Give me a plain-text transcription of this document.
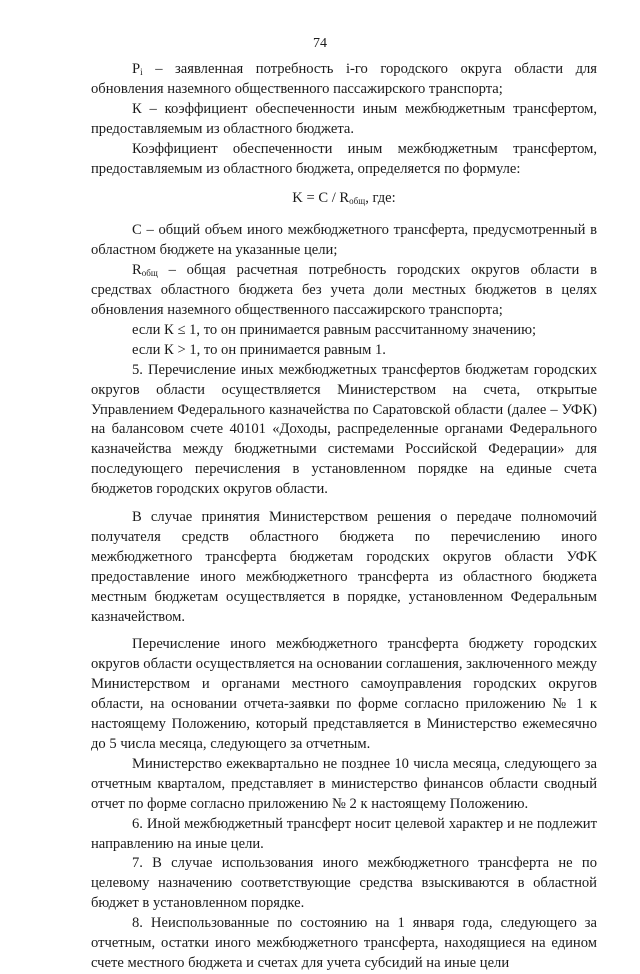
74

$P_i$ – заявленная потребность i-го городского округа области для обновления наземного общественного пассажирского транспорта;

К – коэффициент обеспеченности иным межбюджетным трансфертом, предоставляемым из областного бюджета.

Коэффициент обеспеченности иным межбюджетным трансфертом, предоставляемым из областного бюджета, определяется по формуле:

$K = C / R_{общ}$, где:

С – общий объем иного межбюджетного трансферта, предусмотренный в областном бюджете на указанные цели;

$R_{общ}$ – общая расчетная потребность городских округов области в средствах областного бюджета без учета доли местных бюджетов в целях обновления наземного общественного пассажирского транспорта;

если К ≤ 1, то он принимается равным рассчитанному значению;

если К > 1, то он принимается равным 1.

5. Перечисление иных межбюджетных трансфертов бюджетам городских округов области осуществляется Министерством на счета, открытые Управлением Федерального казначейства по Саратовской области (далее – УФК) на балансовом счете 40101 «Доходы, распределенные органами Федерального казначейства между бюджетными системами Российской Федерации» для последующего перечисления в установленном порядке на единые счета бюджетов городских округов области.

В случае принятия Министерством решения о передаче полномочий получателя средств областного бюджета по перечислению иного межбюджетного трансферта бюджетам городских округов области УФК предоставление иного межбюджетного трансферта из областного бюджета местным бюджетам осуществляется в порядке, установленном Федеральным казначейством.

Перечисление иного межбюджетного трансферта бюджету городских округов области осуществляется на основании соглашения, заключенного между Министерством и органами местного самоуправления городских округов области, на основании отчета-заявки по форме согласно приложению № 1 к настоящему Положению, который представляется в Министерство ежемесячно до 5 числа месяца, следующего за отчетным.

Министерство ежеквартально не позднее 10 числа месяца, следующего за отчетным кварталом, представляет в министерство финансов области сводный отчет по форме согласно приложению № 2 к настоящему Положению.

6. Иной межбюджетный трансферт носит целевой характер и не подлежит направлению на иные цели.

7. В случае использования иного межбюджетного трансферта не по целевому назначению соответствующие средства взыскиваются в областной бюджет в установленном порядке.

8. Неиспользованные по состоянию на 1 января года, следующего за отчетным, остатки иного межбюджетного трансферта, находящиеся на едином счете местного бюджета и счетах для учета субсидий на иные цели
